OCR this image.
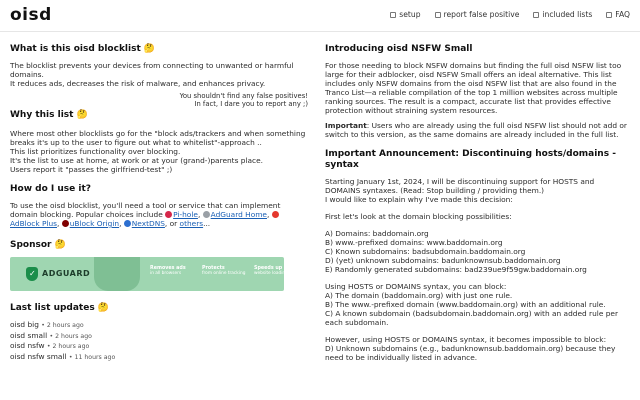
oisd	setup	report false positive	included lists	FAQ
What is this oisd blocklist 🤔

The blocklist prevents your devices from connecting to unwanted or harmful domains.

It reduces ads, decreases the risk of malware, and enhances privacy.

You shouldn't find any false positives!
In fact, I dare you to report any ;)
Why this list 🤔

Where most other blocklists go for the "block ads/trackers and when something breaks it's up to the user to figure out what to whitelist"-approach ..

This list prioritizes functionality over blocking.

It's the list to use at home, at work or at your (grand-)parents place.

Users report it "passes the girlfriend-test" ;)

How do I use it?

To use the oisd blocklist, you'll need a tool or service that can implement domain blocking. Popular choices include Pi-hole, AdGuard Home,
AdBlock Plus, uBlock Origin, NextDNS, or others...

Sponsor 🤔
✓ ADGUARD
Removes ads
in all browsers
Protects
from online tracking
Speeds up
website loading
Last list updates 🤔
oisd big • 2 hours ago
oisd small • 2 hours ago
oisd nsfw • 2 hours ago
oisd nsfw small • 11 hours ago
Introducing oisd NSFW Small

For those needing to block NSFW domains but finding the full oisd NSFW list too large for their adblocker, oisd NSFW Small offers an ideal alternative. This list includes only NSFW domains from the oisd NSFW list that are also found in the Tranco List—a reliable compilation of the top 1 million websites across multiple ranking sources. The result is a compact, accurate list that provides effective protection without straining system resources.

Important: Users who are already using the full oisd NSFW list should not add or switch to this version, as the same domains are already included in the full list.

Important Announcement: Discontinuing hosts/domains -syntax

Starting January 1st, 2024, I will be discontinuing support for HOSTS and DOMAINS syntaxes. (Read: Stop building / providing them.)

I would like to explain why I've made this decision:

First let's look at the domain blocking possibilities:

A) Domains: baddomain.org

B) www.-prefixed domains: www.baddomain.org

C) Known subdomains: badsubdomain.baddomain.org

D) (yet) unknown subdomains: badunknownsub.baddomain.org

E) Randomly generated subdomains: bad239ue9f59gw.baddomain.org

Using HOSTS or DOMAINS syntax, you can block:

A) The domain (baddomain.org) with just one rule.

B) The www.-prefixed domain (www.baddomain.org) with an additional rule.

C) A known subdomain (badsubdomain.baddomain.org) with an added rule per each subdomain.

However, using HOSTS or DOMAINS syntax, it becomes impossible to block:

D) Unknown subdomains (e.g., badunknownsub.baddomain.org) because they need to be individually listed in advance.
